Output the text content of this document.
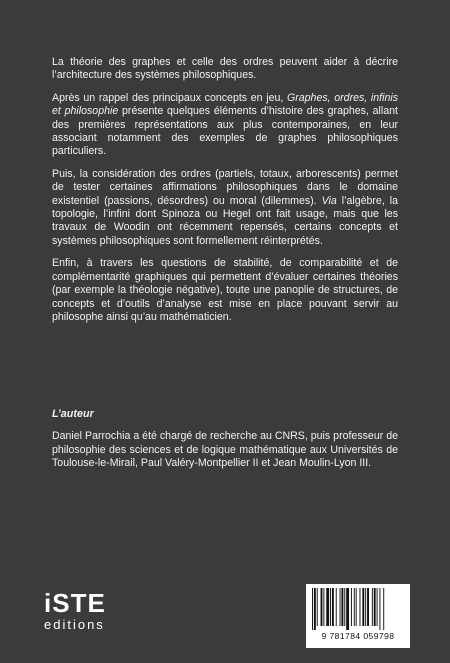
La théorie des graphes et celle des ordres peuvent aider à décrire l’architecture des systèmes philosophiques.

Après un rappel des principaux concepts en jeu, Graphes, ordres, infinis et philosophie présente quelques éléments d’histoire des graphes, allant des premières représentations aux plus contemporaines, en leur associant notamment des exemples de graphes philosophiques particuliers.

Puis, la considération des ordres (partiels, totaux, arborescents) permet de tester certaines affirmations philosophiques dans le domaine existentiel (passions, désordres) ou moral (dilemmes). Via l’algèbre, la topologie, l’infini dont Spinoza ou Hegel ont fait usage, mais que les travaux de Woodin ont récemment repensés, certains concepts et systèmes philosophiques sont formellement réinterprétés.

Enfin, à travers les questions de stabilité, de comparabilité et de complémentarité graphiques qui permettent d’évaluer certaines théories (par exemple la théologie négative), toute une panoplie de structures, de concepts et d’outils d’analyse est mise en place pouvant servir au philosophe ainsi qu’au mathématicien.

L’auteur

Daniel Parrochia a été chargé de recherche au CNRS, puis professeur de philosophie des sciences et de logique mathématique aux Universités de Toulouse-le-Mirail, Paul Valéry-Montpellier II et Jean Moulin-Lyon III.

iSTE
editions
9 781784 059798
